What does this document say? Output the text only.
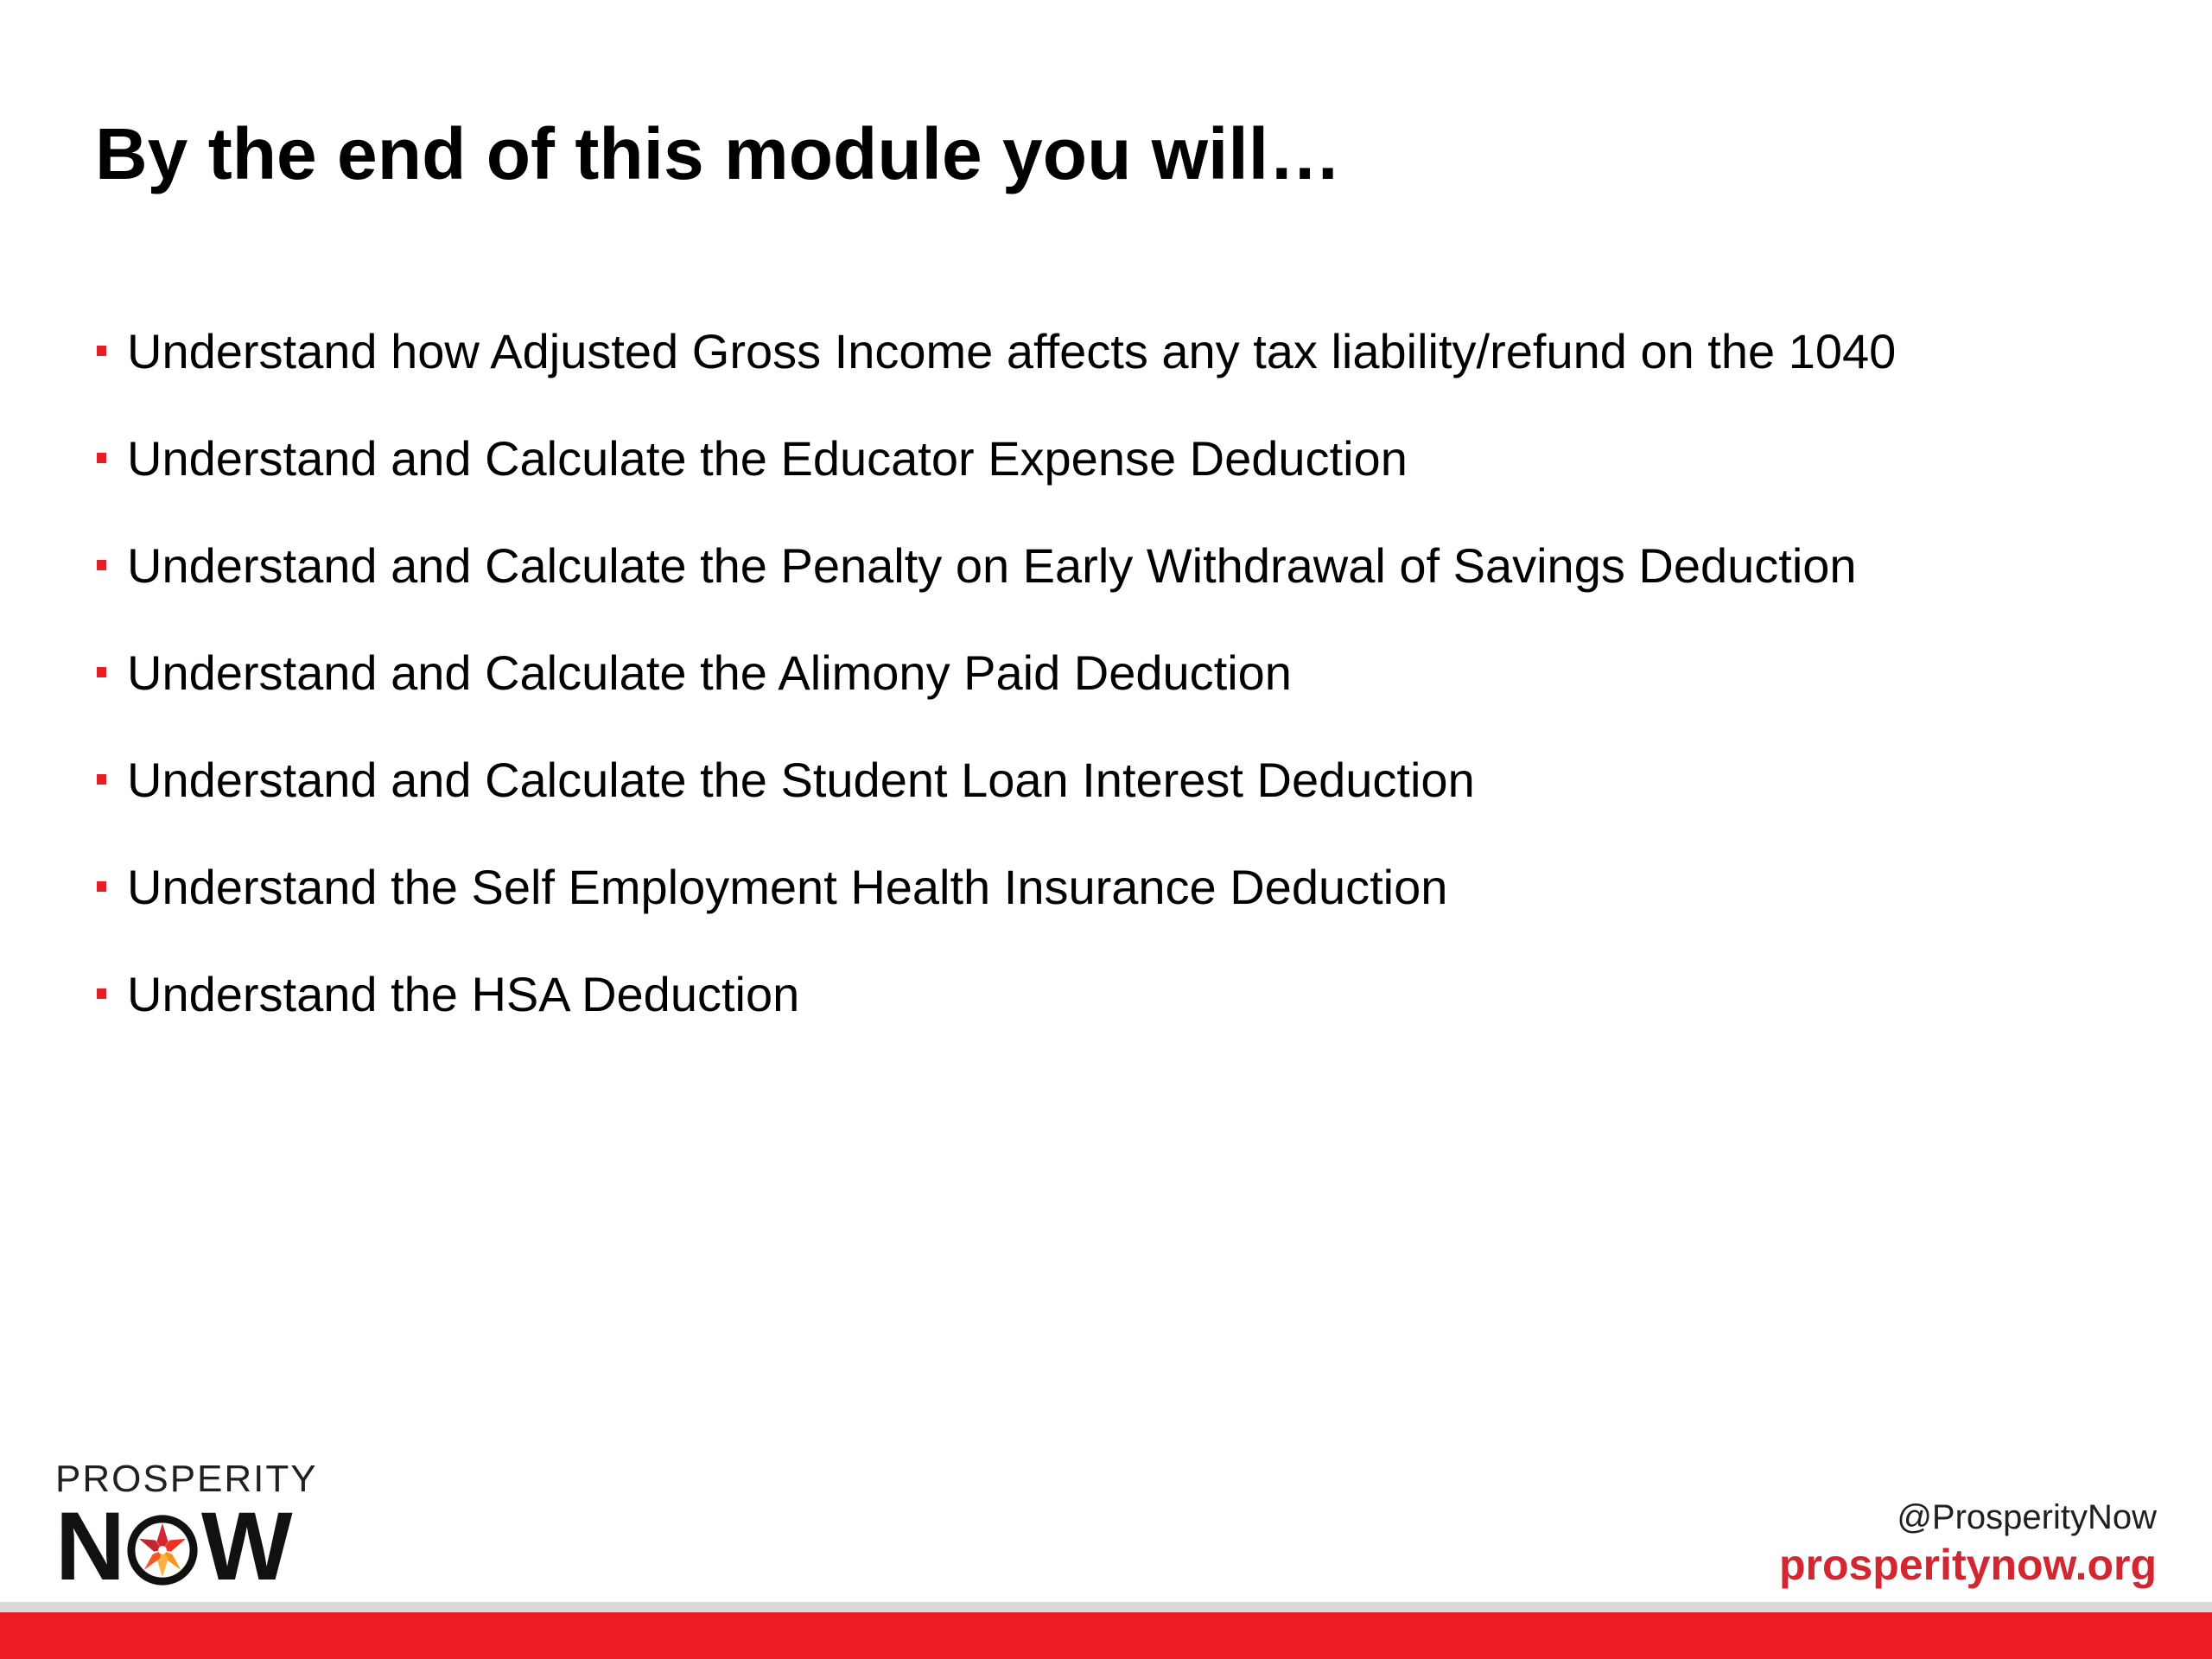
By the end of this module you will…
Understand how Adjusted Gross Income affects any tax liability/refund on the 1040
Understand and Calculate the Educator Expense Deduction
Understand and Calculate the Penalty on Early Withdrawal of Savings Deduction
Understand and Calculate the Alimony Paid Deduction
Understand and Calculate the Student Loan Interest Deduction
Understand the Self Employment Health Insurance Deduction
Understand the HSA Deduction
PROSPERITY
N W	@ProsperityNow
prosperitynow.org
